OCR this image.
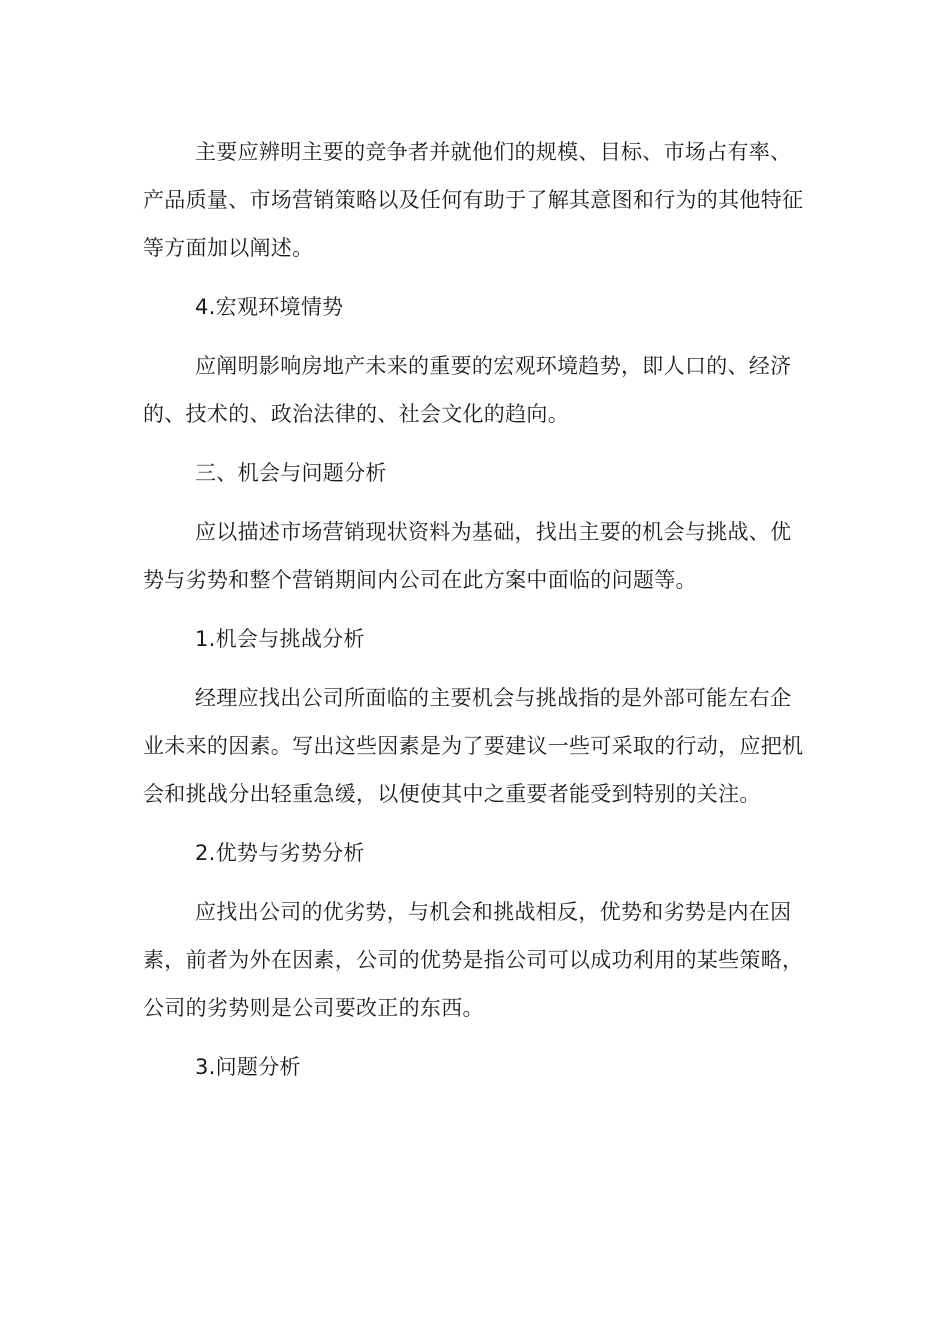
主要应辨明主要的竞争者并就他们的规模、目标、市场占有率、产品质量、市场营销策略以及任何有助于了解其意图和行为的其他特征等方面加以阐述。

4.宏观环境情势

应阐明影响房地产未来的重要的宏观环境趋势，即人口的、经济的、技术的、政治法律的、社会文化的趋向。

三、机会与问题分析

应以描述市场营销现状资料为基础，找出主要的机会与挑战、优势与劣势和整个营销期间内公司在此方案中面临的问题等。

1.机会与挑战分析

经理应找出公司所面临的主要机会与挑战指的是外部可能左右企业未来的因素。写出这些因素是为了要建议一些可采取的行动，应把机会和挑战分出轻重急缓，以便使其中之重要者能受到特别的关注。

2.优势与劣势分析

应找出公司的优劣势，与机会和挑战相反，优势和劣势是内在因素，前者为外在因素，公司的优势是指公司可以成功利用的某些策略，公司的劣势则是公司要改正的东西。

3.问题分析
